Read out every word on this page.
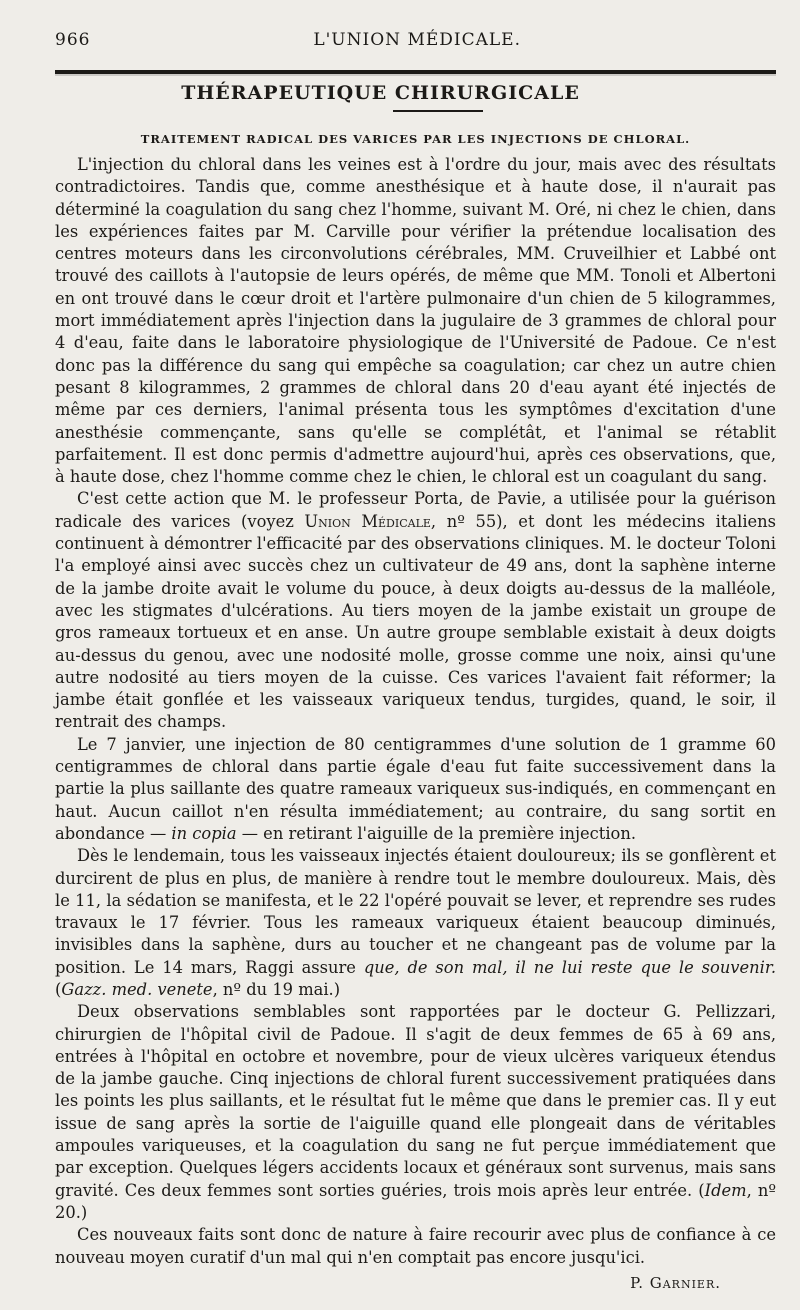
966	L'UNION MÉDICALE.
THÉRAPEUTIQUE CHIRURGICALE
TRAITEMENT RADICAL DES VARICES PAR LES INJECTIONS DE CHLORAL.

L'injection du chloral dans les veines est à l'ordre du jour, mais avec des résultats contradictoires. Tandis que, comme anesthésique et à haute dose, il n'aurait pas déterminé la coagulation du sang chez l'homme, suivant M. Oré, ni chez le chien, dans les expériences faites par M. Carville pour vérifier la prétendue localisation des centres moteurs dans les circonvolutions cérébrales, MM. Cruveilhier et Labbé ont trouvé des caillots à l'autopsie de leurs opérés, de même que MM. Tonoli et Albertoni en ont trouvé dans le cœur droit et l'artère pulmonaire d'un chien de 5 kilogrammes, mort immédiatement après l'injection dans la jugulaire de 3 grammes de chloral pour 4 d'eau, faite dans le laboratoire physiologique de l'Université de Padoue. Ce n'est donc pas la différence du sang qui empêche sa coagulation; car chez un autre chien pesant 8 kilogrammes, 2 grammes de chloral dans 20 d'eau ayant été injectés de même par ces derniers, l'animal présenta tous les symptômes d'excitation d'une anesthésie commençante, sans qu'elle se complétât, et l'animal se rétablit parfaitement. Il est donc permis d'admettre aujourd'hui, après ces observations, que, à haute dose, chez l'homme comme chez le chien, le chloral est un coagulant du sang.

C'est cette action que M. le professeur Porta, de Pavie, a utilisée pour la guérison radicale des varices (voyez Union Médicale, nº 55), et dont les médecins italiens continuent à démontrer l'efficacité par des observations cliniques. M. le docteur Toloni l'a employé ainsi avec succès chez un cultivateur de 49 ans, dont la saphène interne de la jambe droite avait le volume du pouce, à deux doigts au-dessus de la malléole, avec les stigmates d'ulcérations. Au tiers moyen de la jambe existait un groupe de gros rameaux tortueux et en anse. Un autre groupe semblable existait à deux doigts au-dessus du genou, avec une nodosité molle, grosse comme une noix, ainsi qu'une autre nodosité au tiers moyen de la cuisse. Ces varices l'avaient fait réformer; la jambe était gonflée et les vaisseaux variqueux tendus, turgides, quand, le soir, il rentrait des champs.

Le 7 janvier, une injection de 80 centigrammes d'une solution de 1 gramme 60 centigrammes de chloral dans partie égale d'eau fut faite successivement dans la partie la plus saillante des quatre rameaux variqueux sus-indiqués, en commençant en haut. Aucun caillot n'en résulta immédiatement; au contraire, du sang sortit en abondance — in copia — en retirant l'aiguille de la première injection.

Dès le lendemain, tous les vaisseaux injectés étaient douloureux; ils se gonflèrent et durcirent de plus en plus, de manière à rendre tout le membre douloureux. Mais, dès le 11, la sédation se manifesta, et le 22 l'opéré pouvait se lever, et reprendre ses rudes travaux le 17 février. Tous les rameaux variqueux étaient beaucoup diminués, invisibles dans la saphène, durs au toucher et ne changeant pas de volume par la position. Le 14 mars, Raggi assure que, de son mal, il ne lui reste que le souvenir. (Gazz. med. venete, nº du 19 mai.)

Deux observations semblables sont rapportées par le docteur G. Pellizzari, chirurgien de l'hôpital civil de Padoue. Il s'agit de deux femmes de 65 à 69 ans, entrées à l'hôpital en octobre et novembre, pour de vieux ulcères variqueux étendus de la jambe gauche. Cinq injections de chloral furent successivement pratiquées dans les points les plus saillants, et le résultat fut le même que dans le premier cas. Il y eut issue de sang après la sortie de l'aiguille quand elle plongeait dans de véritables ampoules variqueuses, et la coagulation du sang ne fut perçue immédiatement que par exception. Quelques légers accidents locaux et généraux sont survenus, mais sans gravité. Ces deux femmes sont sorties guéries, trois mois après leur entrée. (Idem, nº 20.)

Ces nouveaux faits sont donc de nature à faire recourir avec plus de confiance à ce nouveau moyen curatif d'un mal qui n'en comptait pas encore jusqu'ici.

P. Garnier.
